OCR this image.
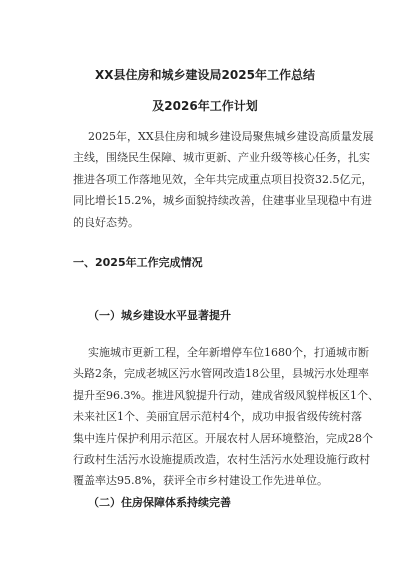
XX县住房和城乡建设局2025年工作总结
及2026年工作计划
2025年，XX县住房和城乡建设局聚焦城乡建设高质量发展
主线，围绕民生保障、城市更新、产业升级等核心任务，扎实
推进各项工作落地见效，全年共完成重点项目投资32.5亿元，
同比增长15.2%，城乡面貌持续改善，住建事业呈现稳中有进
的良好态势。
一、2025年工作完成情况
（一）城乡建设水平显著提升
实施城市更新工程，全年新增停车位1680个，打通城市断
头路2条，完成老城区污水管网改造18公里，县城污水处理率
提升至96.3%。推进风貌提升行动，建成省级风貌样板区1个、
未来社区1个、美丽宜居示范村4个，成功申报省级传统村落
集中连片保护利用示范区。开展农村人居环境整治，完成28个
行政村生活污水设施提质改造，农村生活污水处理设施行政村
覆盖率达95.8%，获评全市乡村建设工作先进单位。
（二）住房保障体系持续完善
